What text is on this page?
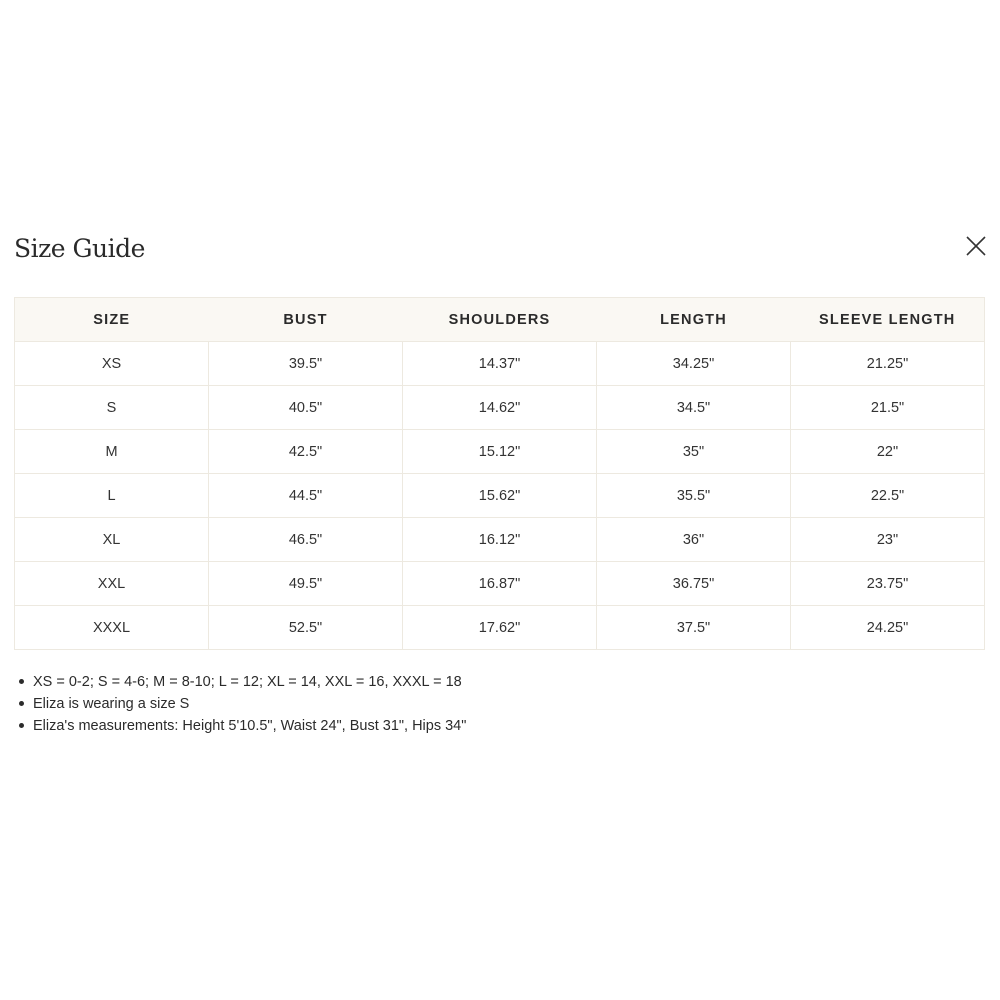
Size Guide
SIZE	BUST	SHOULDERS	LENGTH	SLEEVE LENGTH
XS	39.5"	14.37"	34.25"	21.25"
S	40.5"	14.62"	34.5"	21.5"
M	42.5"	15.12"	35"	22"
L	44.5"	15.62"	35.5"	22.5"
XL	46.5"	16.12"	36"	23"
XXL	49.5"	16.87"	36.75"	23.75"
XXXL	52.5"	17.62"	37.5"	24.25"
XS = 0-2; S = 4-6; M = 8-10; L = 12; XL = 14, XXL = 16, XXXL = 18
Eliza is wearing a size S
Eliza's measurements: Height 5'10.5", Waist 24", Bust 31", Hips 34"
